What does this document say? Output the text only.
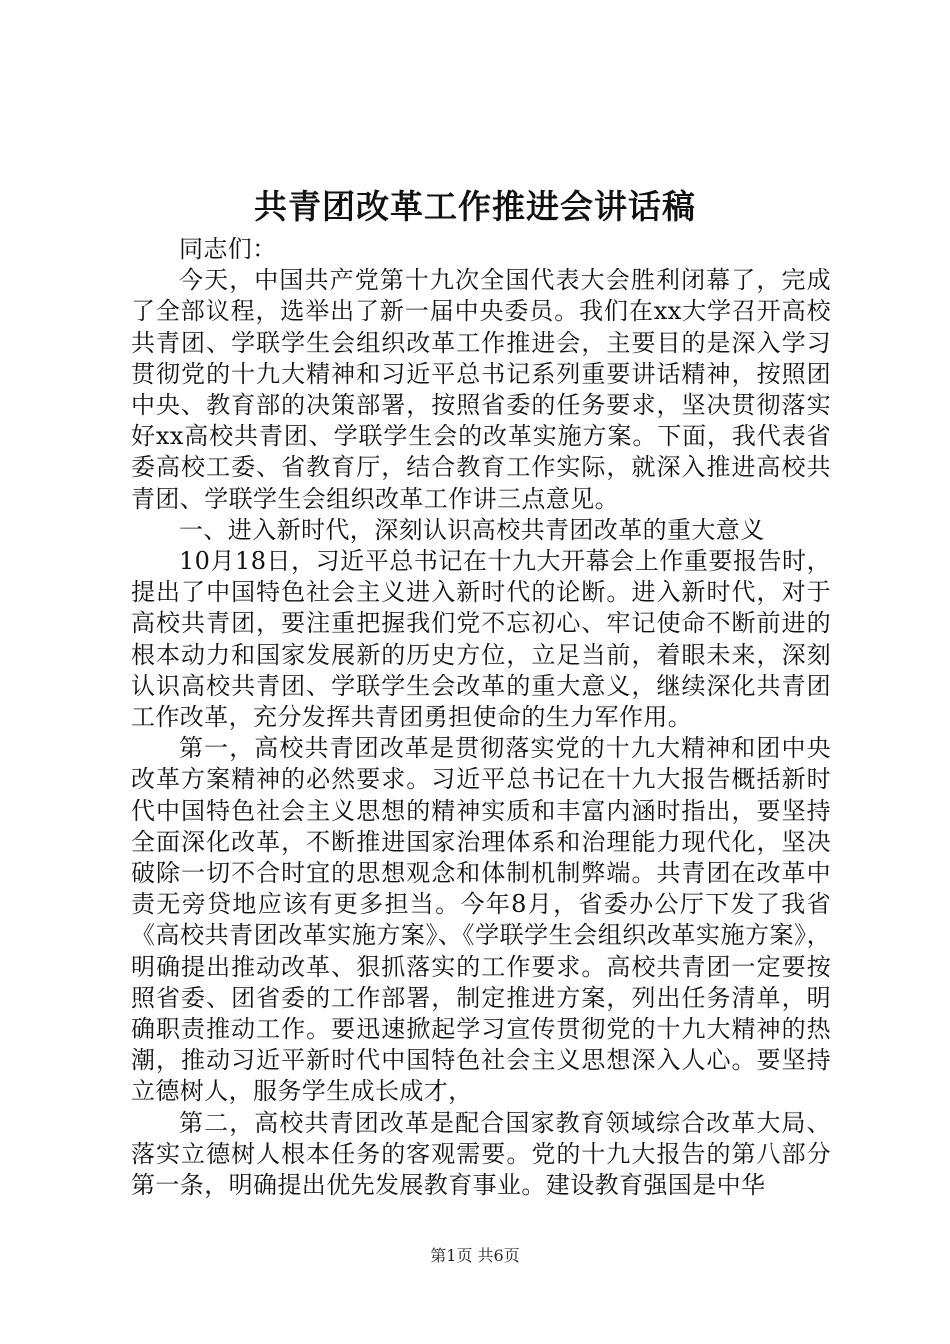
共青团改革工作推进会讲话稿

同志们：

今天，中国共产党第十九次全国代表大会胜利闭幕了，完成了全部议程，选举出了新一届中央委员。我们在xx大学召开高校共青团、学联学生会组织改革工作推进会，主要目的是深入学习贯彻党的十九大精神和习近平总书记系列重要讲话精神，按照团中央、教育部的决策部署，按照省委的任务要求，坚决贯彻落实好xx高校共青团、学联学生会的改革实施方案。下面，我代表省委高校工委、省教育厅，结合教育工作实际，就深入推进高校共青团、学联学生会组织改革工作讲三点意见。

一、进入新时代，深刻认识高校共青团改革的重大意义

10月18日，习近平总书记在十九大开幕会上作重要报告时，提出了中国特色社会主义进入新时代的论断。进入新时代，对于高校共青团，要注重把握我们党不忘初心、牢记使命不断前进的根本动力和国家发展新的历史方位，立足当前，着眼未来，深刻认识高校共青团、学联学生会改革的重大意义，继续深化共青团工作改革，充分发挥共青团勇担使命的生力军作用。

第一，高校共青团改革是贯彻落实党的十九大精神和团中央改革方案精神的必然要求。习近平总书记在十九大报告概括新时代中国特色社会主义思想的精神实质和丰富内涵时指出，要坚持全面深化改革，不断推进国家治理体系和治理能力现代化，坚决破除一切不合时宜的思想观念和体制机制弊端。共青团在改革中责无旁贷地应该有更多担当。今年8月，省委办公厅下发了我省《高校共青团改革实施方案》、《学联学生会组织改革实施方案》，明确提出推动改革、狠抓落实的工作要求。高校共青团一定要按照省委、团省委的工作部署，制定推进方案，列出任务清单，明确职责推动工作。要迅速掀起学习宣传贯彻党的十九大精神的热潮，推动习近平新时代中国特色社会主义思想深入人心。要坚持立德树人，服务学生成长成才，

第二，高校共青团改革是配合国家教育领域综合改革大局、落实立德树人根本任务的客观需要。党的十九大报告的第八部分第一条，明确提出优先发展教育事业。建设教育强国是中华

第1页 共6页
